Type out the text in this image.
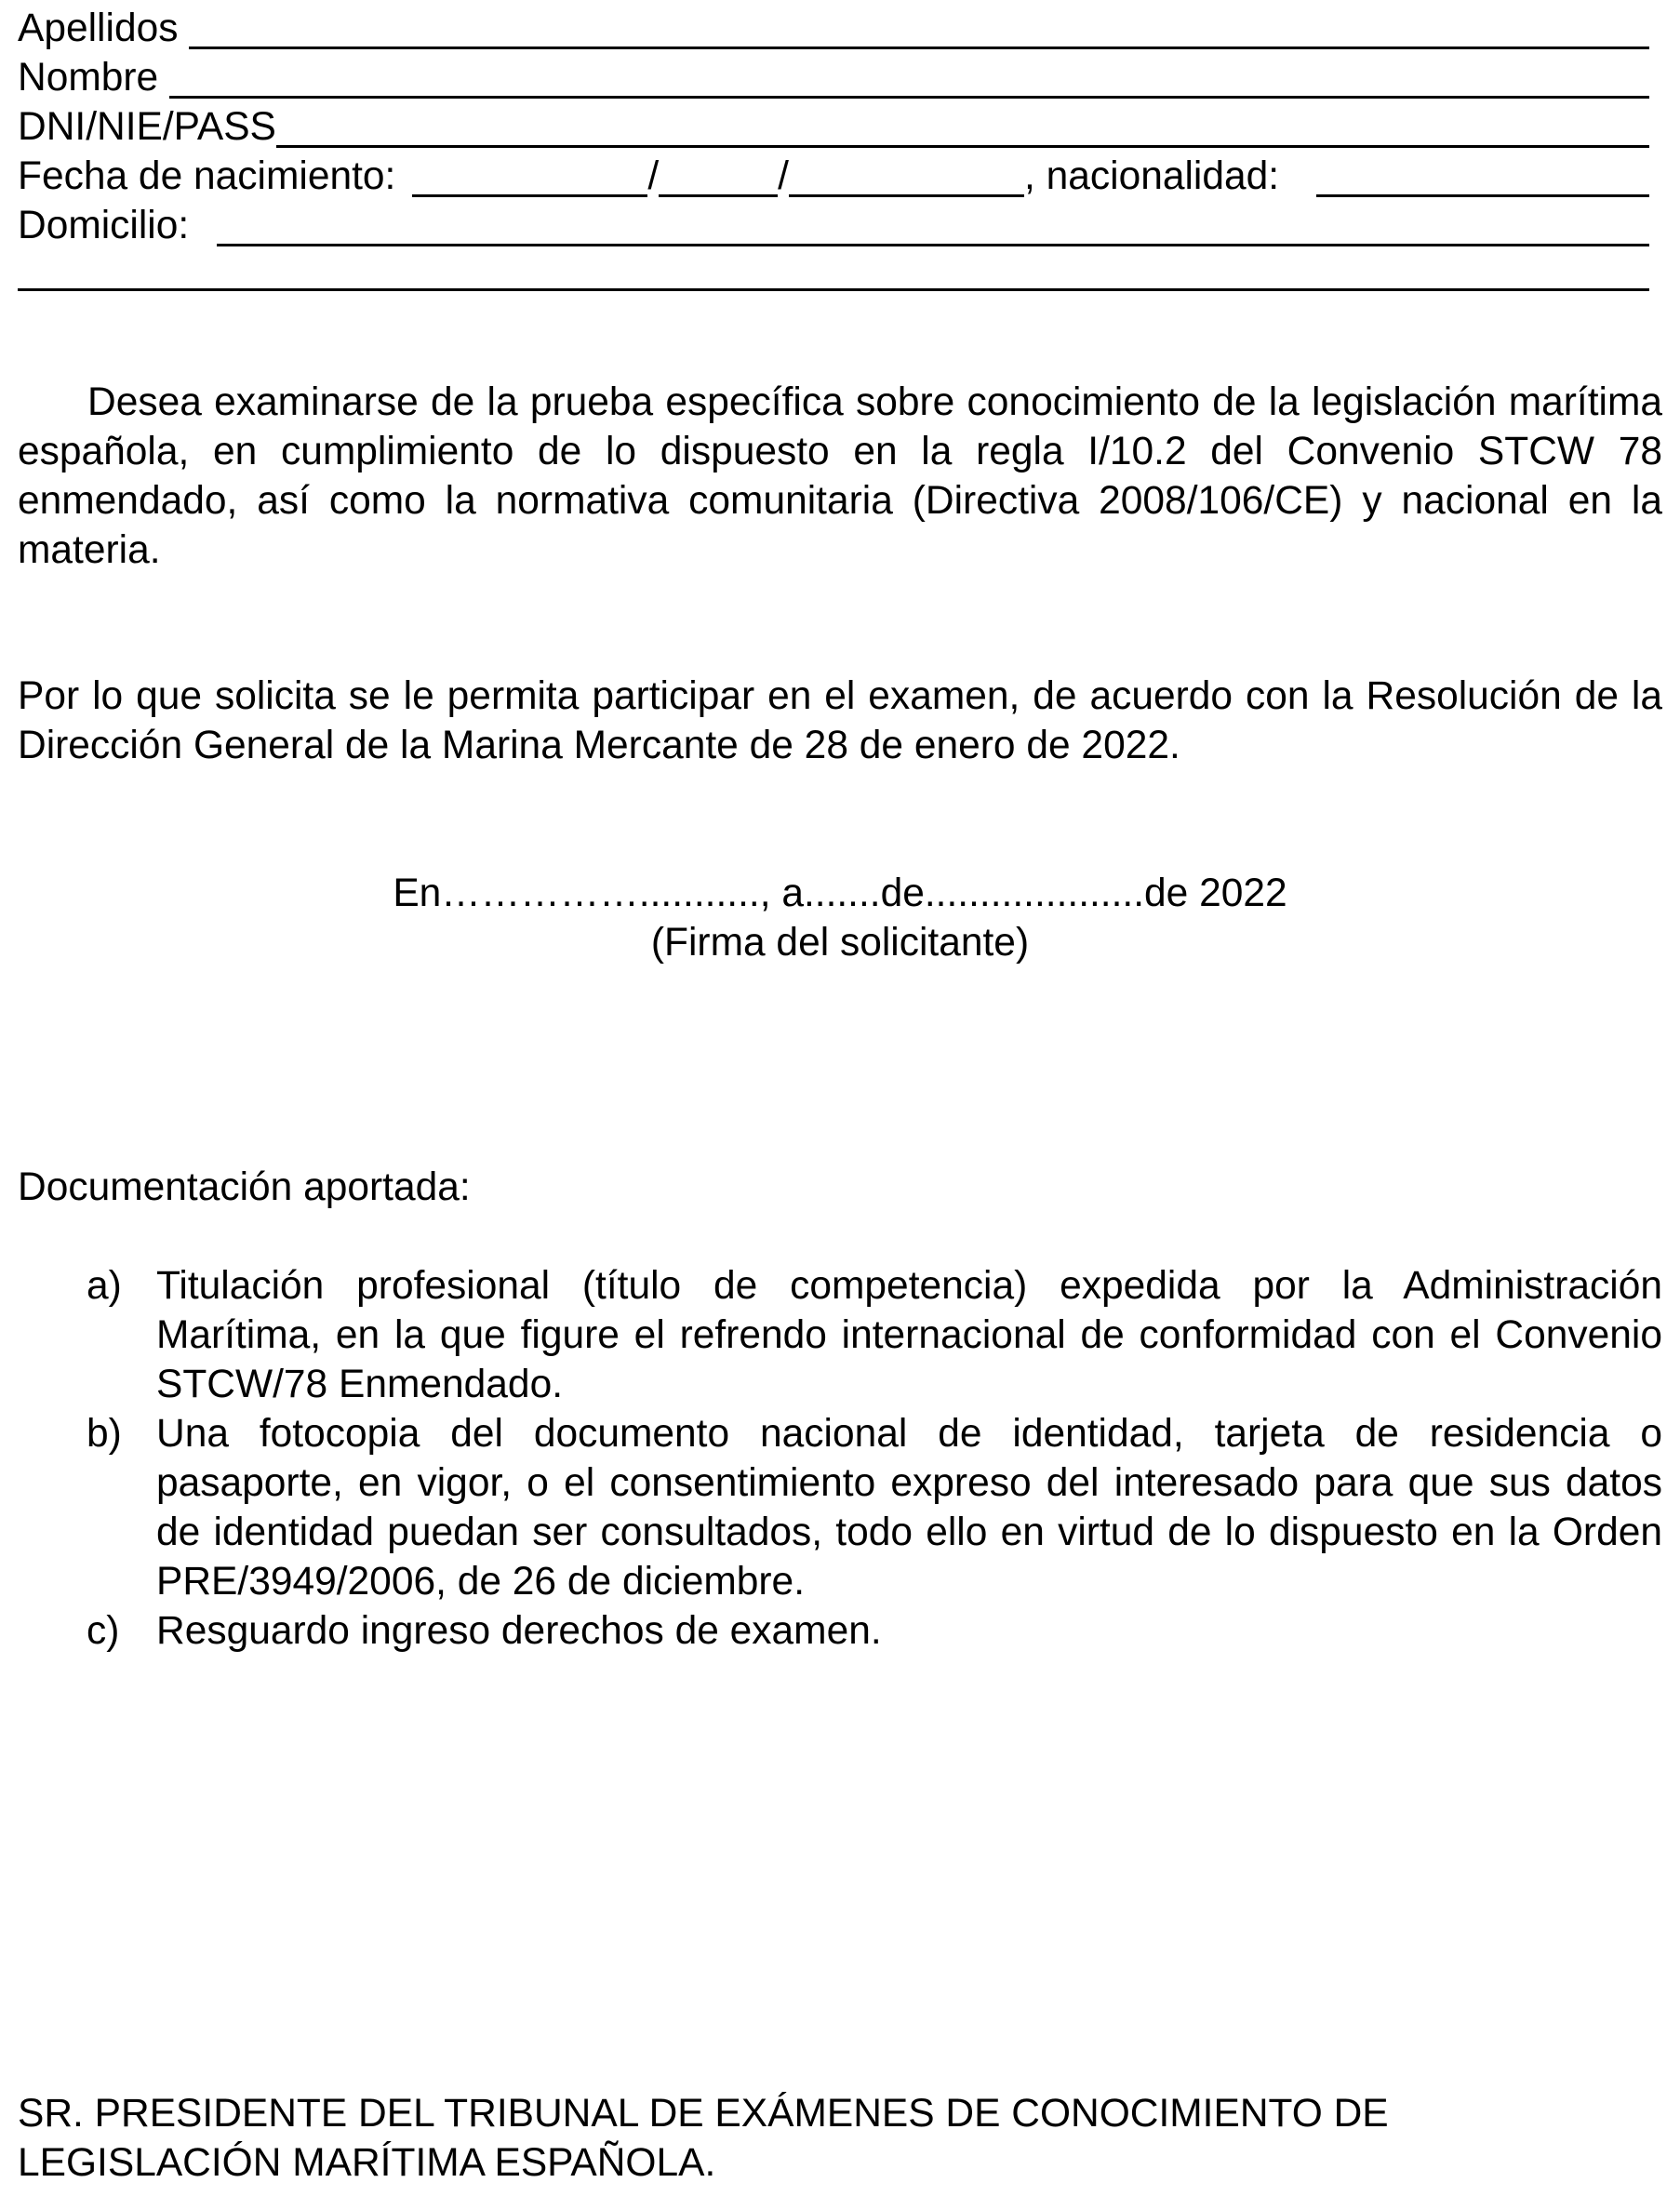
Apellidos
Nombre
DNI/NIE/PASS
Fecha de nacimiento:	/	/	, nacionalidad:
Domicilio:
Desea examinarse de la prueba específica sobre conocimiento de la legislación marítima española, en cumplimiento de lo dispuesto en la regla I/10.2 del Convenio STCW 78 enmendado, así como la normativa comunitaria (Directiva 2008/106/CE) y nacional en la materia.
Por lo que solicita se le permita participar en el examen, de acuerdo con la Resolución de la Dirección General de la Marina Mercante de 28 de enero de 2022.
En……………..........., a.......de....................de 2022
(Firma del solicitante)
Documentación aportada:
a) Titulación profesional (título de competencia) expedida por la Administración Marítima, en la que figure el refrendo internacional de conformidad con el Convenio STCW/78 Enmendado.
b) Una fotocopia del documento nacional de identidad, tarjeta de residencia o pasaporte, en vigor, o el consentimiento expreso del interesado para que sus datos de identidad puedan ser consultados, todo ello en virtud de lo dispuesto en la Orden PRE/3949/2006, de 26 de diciembre.
c) Resguardo ingreso derechos de examen.
SR. PRESIDENTE DEL TRIBUNAL DE EXÁMENES DE CONOCIMIENTO DE LEGISLACIÓN MARÍTIMA ESPAÑOLA.
